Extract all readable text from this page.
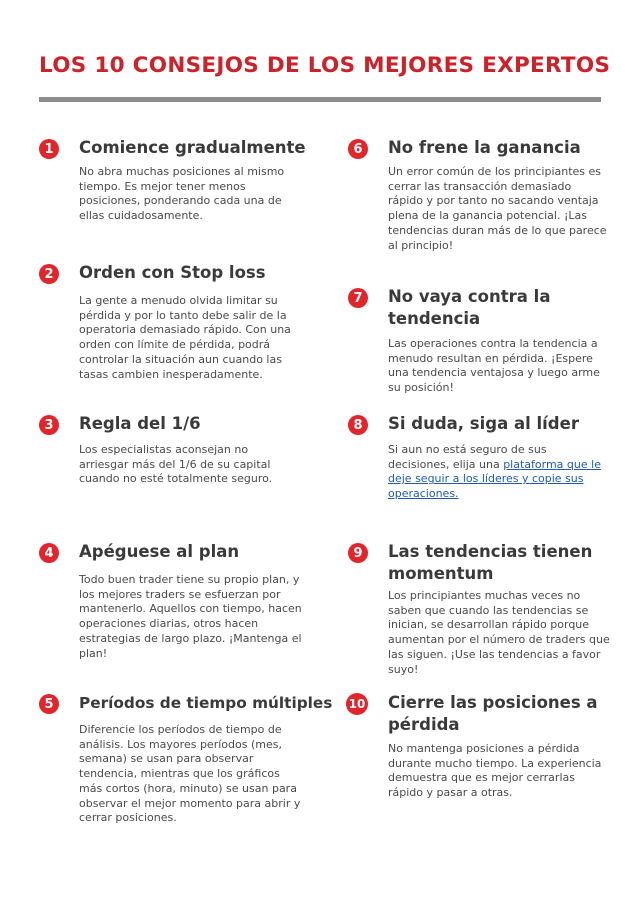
LOS 10 CONSEJOS DE LOS MEJORES EXPERTOS
1	Comience gradualmente
No abra muchas posiciones al mismo
tiempo. Es mejor tener menos
posiciones, ponderando cada una de
ellas cuidadosamente.
2	Orden con Stop loss
La gente a menudo olvida limitar su
pérdida y por lo tanto debe salir de la
operatoria demasiado rápido. Con una
orden con límite de pérdida, podrá
controlar la situación aun cuando las
tasas cambien inesperadamente.
3	Regla del 1/6
Los especialistas aconsejan no
arriesgar más del 1/6 de su capital
cuando no esté totalmente seguro.
4	Apéguese al plan
Todo buen trader tiene su propio plan, y
los mejores traders se esfuerzan por
mantenerlo. Aquellos con tiempo, hacen
operaciones diarias, otros hacen
estrategias de largo plazo. ¡Mantenga el
plan!
5	Períodos de tiempo múltiples
Diferencie los períodos de tiempo de
análisis. Los mayores períodos (mes,
semana) se usan para observar
tendencia, mientras que los gráficos
más cortos (hora, minuto) se usan para
observar el mejor momento para abrir y
cerrar posiciones.
6	No frene la ganancia
Un error común de los principiantes es
cerrar las transacción demasiado
rápido y por tanto no sacando ventaja
plena de la ganancia potencial. ¡Las
tendencias duran más de lo que parece
al principio!
7	No vaya contra la
tendencia
Las operaciones contra la tendencia a
menudo resultan en pérdida. ¡Espere
una tendencia ventajosa y luego arme
su posición!
8	Si duda, siga al líder
Si aun no está seguro de sus
decisiones, elija una plataforma que le
deje seguir a los líderes y copie sus
operaciones.
9	Las tendencias tienen
momentum
Los principiantes muchas veces no
saben que cuando las tendencias se
inician, se desarrollan rápido porque
aumentan por el número de traders que
las siguen. ¡Use las tendencias a favor
suyo!
10 Cierre las posiciones a
pérdida
No mantenga posiciones a pérdida
durante mucho tiempo. La experiencia
demuestra que es mejor cerrarlas
rápido y pasar a otras.
